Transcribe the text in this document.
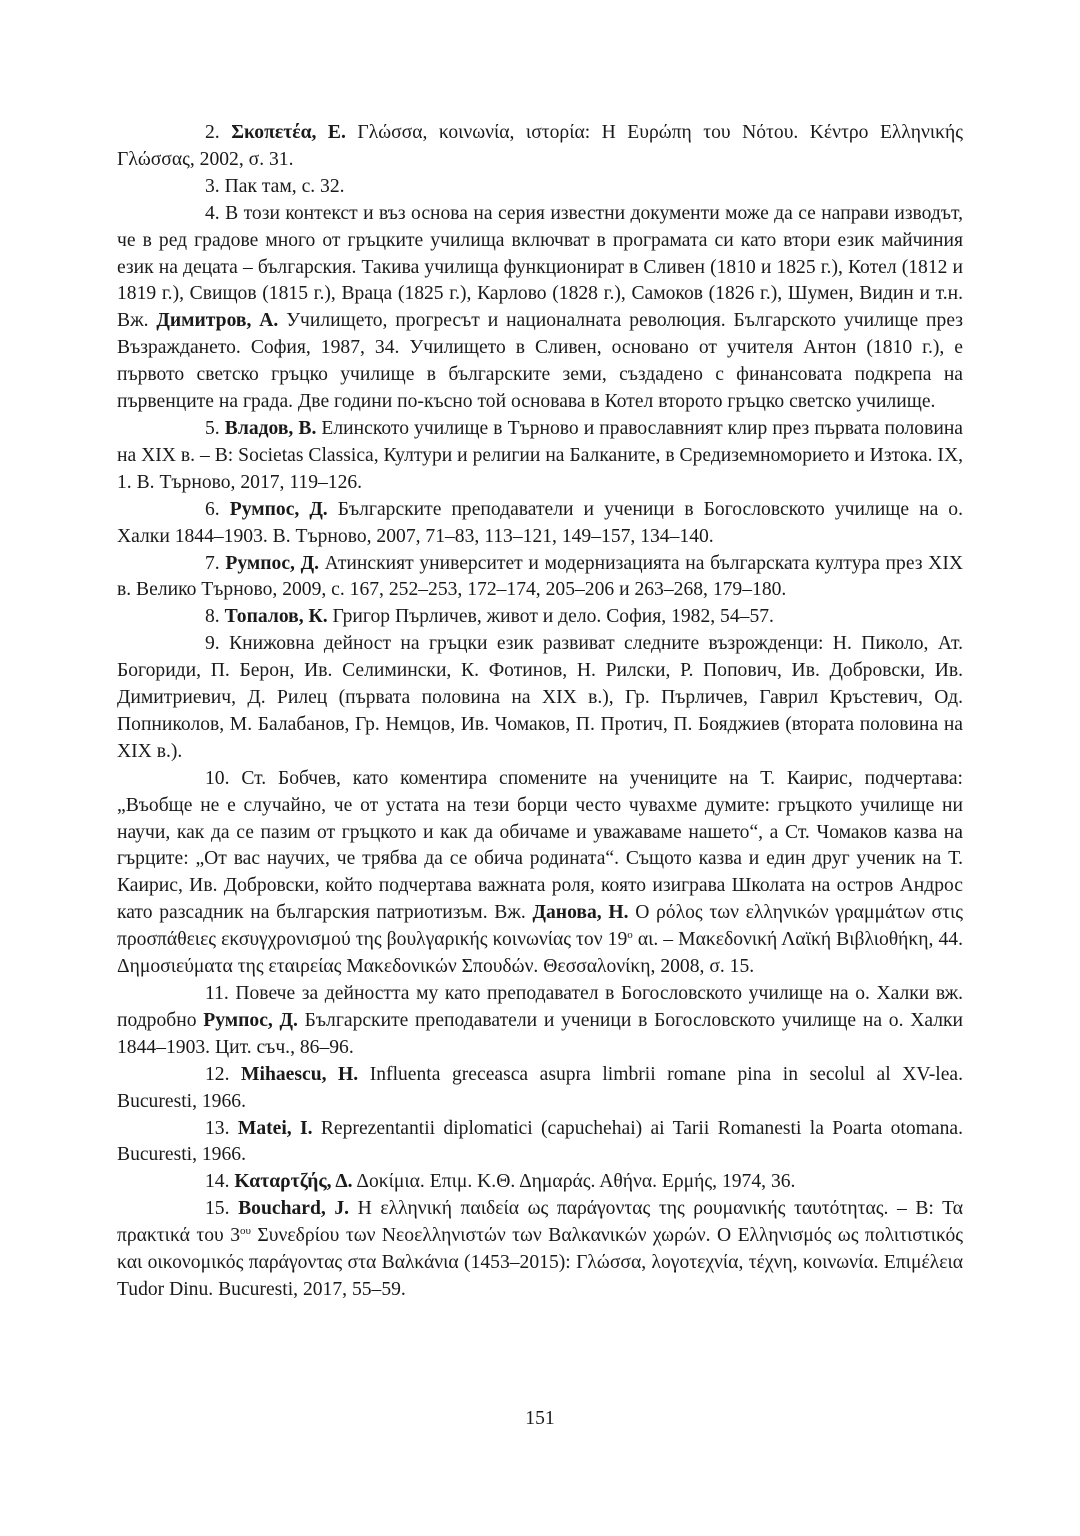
2. Σκοπετέα, Ε. Γλώσσα, κοινωνία, ιστορία: Η Ευρώπη του Νότου. Κέντρο Ελληνικής Γλώσσας, 2002, σ. 31.

3. Пак там, с. 32.

4. В този контекст и въз основа на серия известни документи може да се направи изводът, че в ред градове много от гръцките училища включват в програмата си като втори език майчиния език на децата – българския. Такива училища функционират в Сливен (1810 и 1825 г.), Котел (1812 и 1819 г.), Свищов (1815 г.), Враца (1825 г.), Карлово (1828 г.), Самоков (1826 г.), Шумен, Видин и т.н. Вж. Димитров, А. Училището, прогресът и националната революция. Българското училище през Възраждането. София, 1987, 34. Училището в Сливен, основано от учителя Антон (1810 г.), е първото светско гръцко училище в българските земи, създадено с финансовата подкрепа на първенците на града. Две години по-късно той основава в Котел второто гръцко светско училище.

5. Владов, В. Елинското училище в Търново и православният клир през първата половина на XIX в. – В: Societas Classica, Култури и религии на Балканите, в Средиземноморието и Изтока. IX, 1. В. Търново, 2017, 119–126.

6. Румпос, Д. Българските преподаватели и ученици в Богословското училище на о. Халки 1844–1903. В. Търново, 2007, 71–83, 113–121, 149–157, 134–140.

7. Румпос, Д. Атинският университет и модернизацията на българската култура през XIX в. Велико Търново, 2009, с. 167, 252–253, 172–174, 205–206 и 263–268, 179–180.

8. Топалов, К. Григор Пърличев, живот и дело. София, 1982, 54–57.

9. Книжовна дейност на гръцки език развиват следните възрожденци: Н. Пиколо, Ат. Богориди, П. Берон, Ив. Селимински, К. Фотинов, Н. Рилски, Р. Попович, Ив. Добровски, Ив. Димитриевич, Д. Рилец (първата половина на XIX в.), Гр. Пърличев, Гаврил Кръстевич, Од. Попниколов, М. Балабанов, Гр. Немцов, Ив. Чомаков, П. Протич, П. Бояджиев (втората половина на XIX в.).

10. Ст. Бобчев, като коментира спомените на учениците на Т. Каирис, подчертава: „Въобще не е случайно, че от устата на тези борци често чувахме думите: гръцкото училище ни научи, как да се пазим от гръцкото и как да обичаме и уважаваме нашето“, а Ст. Чомаков казва на гърците: „От вас научих, че трябва да се обича родината“. Същото казва и един друг ученик на Т. Каирис, Ив. Добровски, който подчертава важната роля, която изиграва Школата на остров Андрос като разсадник на българския патриотизъм. Вж. Данова, Н. Ο ρόλος των ελληνικών γραμμάτων στις προσπάθειες εκσυγχρονισμού της βουλγαρικής κοινωνίας τον $19^o$ αι. – Μακεδονική Λαϊκή Βιβλιοθήκη, 44. Δημοσιεύματα της εταιρείας Μακεδονικών Σπουδών. Θεσσαλονίκη, 2008, σ. 15.

11. Повече за дейността му като преподавател в Богословското училище на о. Халки вж. подробно Румпос, Д. Българските преподаватели и ученици в Богословското училище на о. Халки 1844–1903. Цит. съч., 86–96.

12. Mihaescu, H. Influenta greceasca asupra limbrii romane pina in secolul al XV-lea. Bucuresti, 1966.

13. Matei, I. Reprezentantii diplomatici (capuchehai) ai Tarii Romanesti la Poarta otomana. Bucuresti, 1966.

14. Καταρτζής, Δ. Δοκίμια. Επιμ. Κ.Θ. Δημαράς. Αθήνα. Ερμής, 1974, 36.

15. Bouchard, J. Η ελληνική παιδεία ως παράγοντας της ρουμανικής ταυτότητας. – Β: Τα πρακτικά του $3^{o\upsilon}$ Συνεδρίου των Νεοελληνιστών των Βαλκανικών χωρών. Ο Ελληνισμός ως πολιτιστικός και οικονομικός παράγοντας στα Βαλκάνια (1453–2015): Γλώσσα, λογοτεχνία, τέχνη, κοινωνία. Επιμέλεια Tudor Dinu. Bucuresti, 2017, 55–59.

151
